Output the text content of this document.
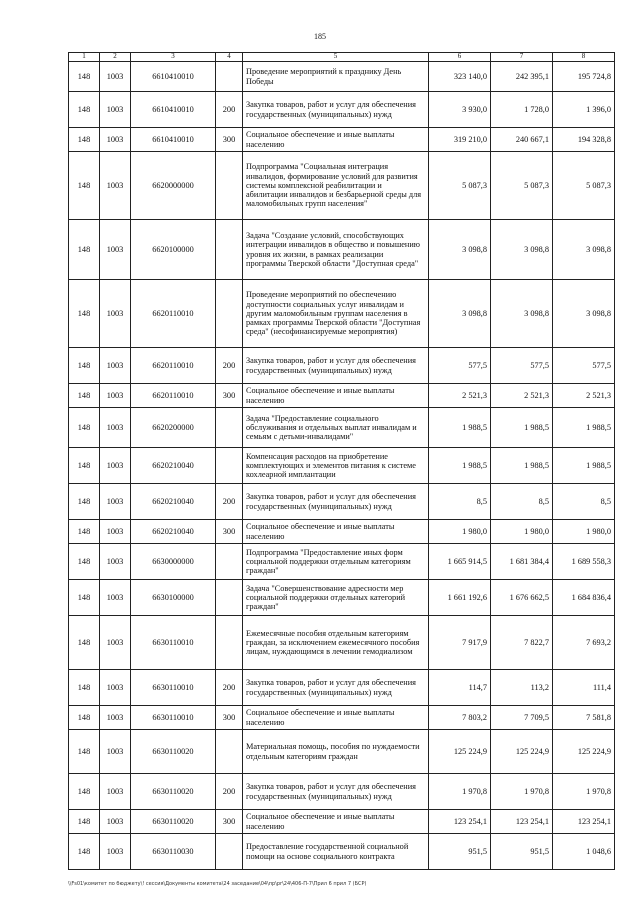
185
1	2	3	4	5	6	7	8
148	1003	6610410010		Проведение мероприятий к празднику День Победы	323 140,0	242 395,1	195 724,8
148	1003	6610410010	200	Закупка товаров, работ и услуг для обеспечения государственных (муниципальных) нужд	3 930,0	1 728,0	1 396,0
148	1003	6610410010	300	Социальное обеспечение и иные выплаты населению	319 210,0	240 667,1	194 328,8
148	1003	6620000000		Подпрограмма "Социальная интеграция инвалидов, формирование условий для развития системы комплексной реабилитации и абилитации инвалидов и безбарьерной среды для маломобильных групп населения"	5 087,3	5 087,3	5 087,3
148	1003	6620100000		Задача "Создание условий, способствующих интеграции инвалидов в общество и повышению уровня их жизни, в рамках реализации программы Тверской области "Доступная среда"	3 098,8	3 098,8	3 098,8
148	1003	6620110010		Проведение мероприятий по обеспечению доступности социальных услуг инвалидам и другим маломобильным группам населения в рамках программы Тверской области "Доступная среда" (несофинансируемые мероприятия)	3 098,8	3 098,8	3 098,8
148	1003	6620110010	200	Закупка товаров, работ и услуг для обеспечения государственных (муниципальных) нужд	577,5	577,5	577,5
148	1003	6620110010	300	Социальное обеспечение и иные выплаты населению	2 521,3	2 521,3	2 521,3
148	1003	6620200000		Задача "Предоставление социального обслуживания и отдельных выплат инвалидам и семьям с детьми-инвалидами"	1 988,5	1 988,5	1 988,5
148	1003	6620210040		Компенсация расходов на приобретение комплектующих и элементов питания к системе кохлеарной имплантации	1 988,5	1 988,5	1 988,5
148	1003	6620210040	200	Закупка товаров, работ и услуг для обеспечения государственных (муниципальных) нужд	8,5	8,5	8,5
148	1003	6620210040	300	Социальное обеспечение и иные выплаты населению	1 980,0	1 980,0	1 980,0
148	1003	6630000000		Подпрограмма "Предоставление иных форм социальной поддержки отдельным категориям граждан"	1 665 914,5	1 681 384,4	1 689 558,3
148	1003	6630100000		Задача "Совершенствование адресности мер социальной поддержки отдельных категорий граждан"	1 661 192,6	1 676 662,5	1 684 836,4
148	1003	6630110010		Ежемесячные пособия отдельным категориям граждан, за исключением ежемесячного пособия лицам, нуждающимся в лечении гемодиализом	7 917,9	7 822,7	7 693,2
148	1003	6630110010	200	Закупка товаров, работ и услуг для обеспечения государственных (муниципальных) нужд	114,7	113,2	111,4
148	1003	6630110010	300	Социальное обеспечение и иные выплаты населению	7 803,2	7 709,5	7 581,8
148	1003	6630110020		Материальная помощь, пособия по нуждаемости отдельным категориям граждан	125 224,9	125 224,9	125 224,9
148	1003	6630110020	200	Закупка товаров, работ и услуг для обеспечения государственных (муниципальных) нужд	1 970,8	1 970,8	1 970,8
148	1003	6630110020	300	Социальное обеспечение и иные выплаты населению	123 254,1	123 254,1	123 254,1
148	1003	6630110030		Предоставление государственной социальной помощи на основе социального контракта	951,5	951,5	1 048,6
\\Fs01\комитет по бюджету\! сессия\Документы комитета\24 заседание\04\пр\pr\24\406-П-7\Прил 6 прил 7 (БСР)
